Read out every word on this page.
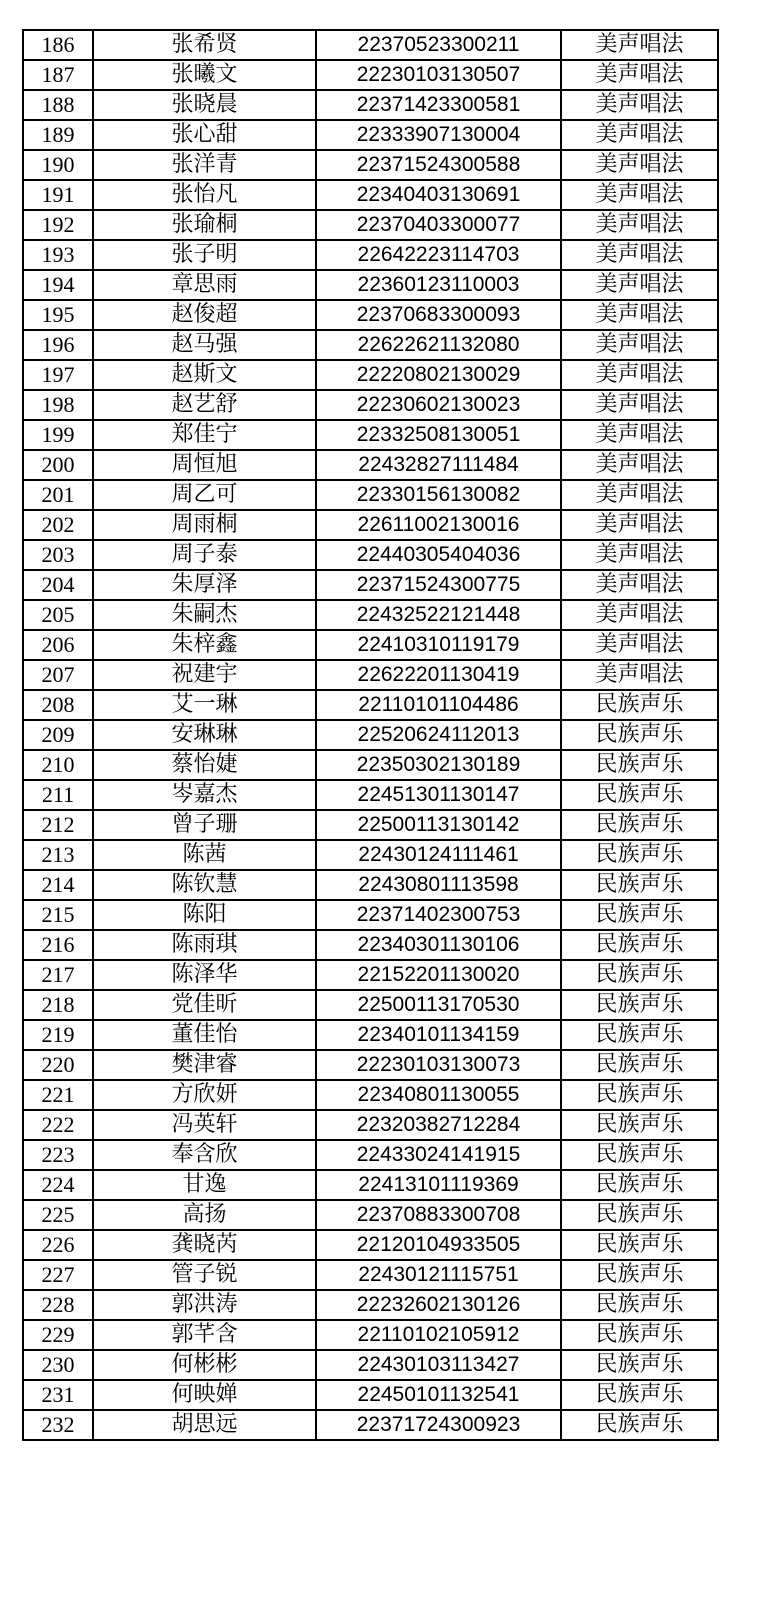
186	张希贤	22370523300211	美声唱法
187	张曦文	22230103130507	美声唱法
188	张晓晨	22371423300581	美声唱法
189	张心甜	22333907130004	美声唱法
190	张洋青	22371524300588	美声唱法
191	张怡凡	22340403130691	美声唱法
192	张瑜桐	22370403300077	美声唱法
193	张子明	22642223114703	美声唱法
194	章思雨	22360123110003	美声唱法
195	赵俊超	22370683300093	美声唱法
196	赵马强	22622621132080	美声唱法
197	赵斯文	22220802130029	美声唱法
198	赵艺舒	22230602130023	美声唱法
199	郑佳宁	22332508130051	美声唱法
200	周恒旭	22432827111484	美声唱法
201	周乙可	22330156130082	美声唱法
202	周雨桐	22611002130016	美声唱法
203	周子泰	22440305404036	美声唱法
204	朱厚泽	22371524300775	美声唱法
205	朱嗣杰	22432522121448	美声唱法
206	朱梓鑫	22410310119179	美声唱法
207	祝建宇	22622201130419	美声唱法
208	艾一琳	22110101104486	民族声乐
209	安琳琳	22520624112013	民族声乐
210	蔡怡婕	22350302130189	民族声乐
211	岑嘉杰	22451301130147	民族声乐
212	曾子珊	22500113130142	民族声乐
213	陈茜	22430124111461	民族声乐
214	陈钦慧	22430801113598	民族声乐
215	陈阳	22371402300753	民族声乐
216	陈雨琪	22340301130106	民族声乐
217	陈泽华	22152201130020	民族声乐
218	党佳昕	22500113170530	民族声乐
219	董佳怡	22340101134159	民族声乐
220	樊津睿	22230103130073	民族声乐
221	方欣妍	22340801130055	民族声乐
222	冯英轩	22320382712284	民族声乐
223	奉含欣	22433024141915	民族声乐
224	甘逸	22413101119369	民族声乐
225	高扬	22370883300708	民族声乐
226	龚晓芮	22120104933505	民族声乐
227	管子锐	22430121115751	民族声乐
228	郭洪涛	22232602130126	民族声乐
229	郭芊含	22110102105912	民族声乐
230	何彬彬	22430103113427	民族声乐
231	何映婵	22450101132541	民族声乐
232	胡思远	22371724300923	民族声乐
